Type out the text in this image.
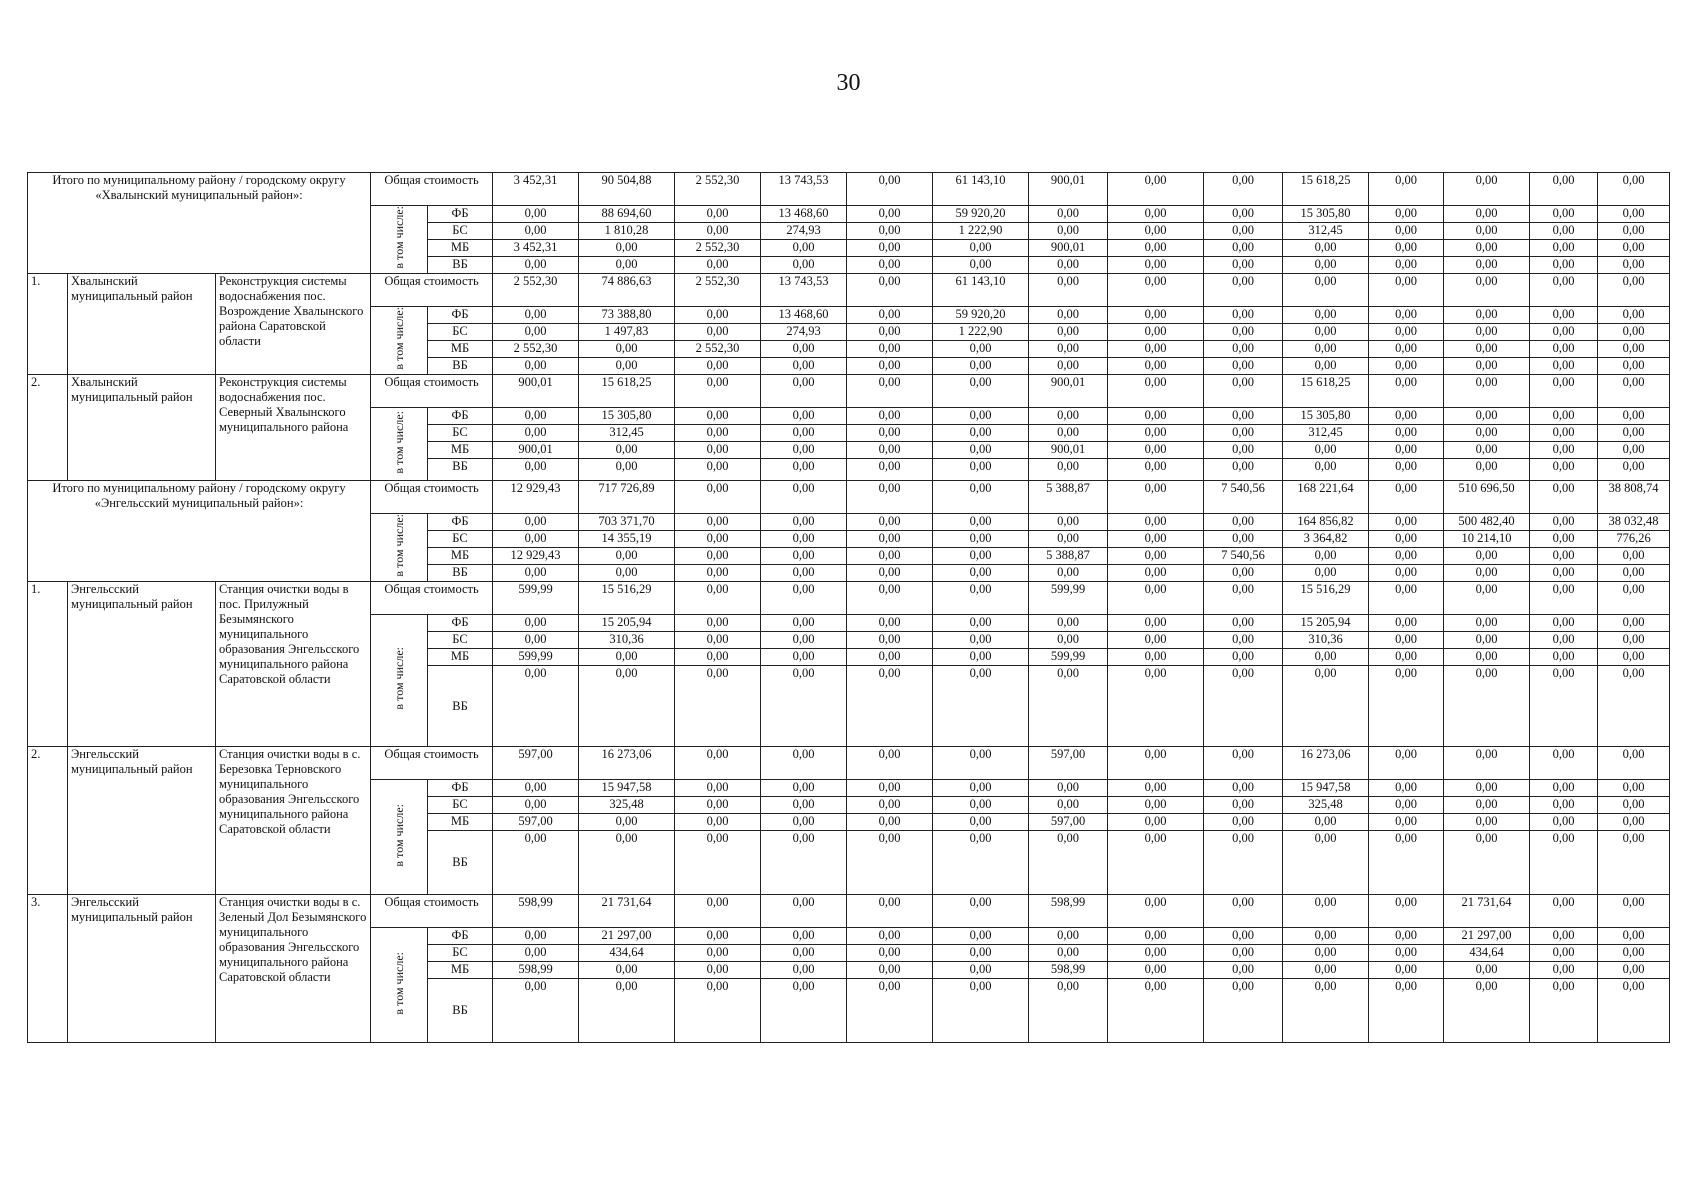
30
Итого по муниципальному району / городскому округу «Хвалынский муниципальный район»:			Общая стоимость		3 452,31	90 504,88	2 552,30	13 743,53	0,00	61 143,10	900,01	0,00	0,00	15 618,25	0,00	0,00	0,00	0,00
			в том числе:	ФБ	0,00	88 694,60	0,00	13 468,60	0,00	59 920,20	0,00	0,00	0,00	15 305,80	0,00	0,00	0,00	0,00
				БС	0,00	1 810,28	0,00	274,93	0,00	1 222,90	0,00	0,00	0,00	312,45	0,00	0,00	0,00	0,00
				МБ	3 452,31	0,00	2 552,30	0,00	0,00	0,00	900,01	0,00	0,00	0,00	0,00	0,00	0,00	0,00
				ВБ	0,00	0,00	0,00	0,00	0,00	0,00	0,00	0,00	0,00	0,00	0,00	0,00	0,00	0,00
1.	Хвалынский муниципальный район	Реконструкция системы водоснабжения пос. Возрождение Хвалынского района Саратовской области	Общая стоимость		2 552,30	74 886,63	2 552,30	13 743,53	0,00	61 143,10	0,00	0,00	0,00	0,00	0,00	0,00	0,00	0,00
			в том числе:	ФБ	0,00	73 388,80	0,00	13 468,60	0,00	59 920,20	0,00	0,00	0,00	0,00	0,00	0,00	0,00	0,00
				БС	0,00	1 497,83	0,00	274,93	0,00	1 222,90	0,00	0,00	0,00	0,00	0,00	0,00	0,00	0,00
				МБ	2 552,30	0,00	2 552,30	0,00	0,00	0,00	0,00	0,00	0,00	0,00	0,00	0,00	0,00	0,00
				ВБ	0,00	0,00	0,00	0,00	0,00	0,00	0,00	0,00	0,00	0,00	0,00	0,00	0,00	0,00
2.	Хвалынский муниципальный район	Реконструкция системы водоснабжения пос. Северный Хвалынского муниципального района	Общая стоимость		900,01	15 618,25	0,00	0,00	0,00	0,00	900,01	0,00	0,00	15 618,25	0,00	0,00	0,00	0,00
			в том числе:	ФБ	0,00	15 305,80	0,00	0,00	0,00	0,00	0,00	0,00	0,00	15 305,80	0,00	0,00	0,00	0,00
				БС	0,00	312,45	0,00	0,00	0,00	0,00	0,00	0,00	0,00	312,45	0,00	0,00	0,00	0,00
				МБ	900,01	0,00	0,00	0,00	0,00	0,00	900,01	0,00	0,00	0,00	0,00	0,00	0,00	0,00
				ВБ	0,00	0,00	0,00	0,00	0,00	0,00	0,00	0,00	0,00	0,00	0,00	0,00	0,00	0,00
Итого по муниципальному району / городскому округу «Энгельсский муниципальный район»:			Общая стоимость		12 929,43	717 726,89	0,00	0,00	0,00	0,00	5 388,87	0,00	7 540,56	168 221,64	0,00	510 696,50	0,00	38 808,74
			в том числе:	ФБ	0,00	703 371,70	0,00	0,00	0,00	0,00	0,00	0,00	0,00	164 856,82	0,00	500 482,40	0,00	38 032,48
				БС	0,00	14 355,19	0,00	0,00	0,00	0,00	0,00	0,00	0,00	3 364,82	0,00	10 214,10	0,00	776,26
				МБ	12 929,43	0,00	0,00	0,00	0,00	0,00	5 388,87	0,00	7 540,56	0,00	0,00	0,00	0,00	0,00
				ВБ	0,00	0,00	0,00	0,00	0,00	0,00	0,00	0,00	0,00	0,00	0,00	0,00	0,00	0,00
1.	Энгельсский муниципальный район	Станция очистки воды в пос. Прилужный Безымянского муниципального образования Энгельсского муниципального района Саратовской области	Общая стоимость		599,99	15 516,29	0,00	0,00	0,00	0,00	599,99	0,00	0,00	15 516,29	0,00	0,00	0,00	0,00
			в том числе:	ФБ	0,00	15 205,94	0,00	0,00	0,00	0,00	0,00	0,00	0,00	15 205,94	0,00	0,00	0,00	0,00
				БС	0,00	310,36	0,00	0,00	0,00	0,00	0,00	0,00	0,00	310,36	0,00	0,00	0,00	0,00
				МБ	599,99	0,00	0,00	0,00	0,00	0,00	599,99	0,00	0,00	0,00	0,00	0,00	0,00	0,00
				ВБ	0,00	0,00	0,00	0,00	0,00	0,00	0,00	0,00	0,00	0,00	0,00	0,00	0,00	0,00
2.	Энгельсский муниципальный район	Станция очистки воды в с. Березовка Терновского муниципального образования Энгельсского муниципального района Саратовской области	Общая стоимость		597,00	16 273,06	0,00	0,00	0,00	0,00	597,00	0,00	0,00	16 273,06	0,00	0,00	0,00	0,00
			в том числе:	ФБ	0,00	15 947,58	0,00	0,00	0,00	0,00	0,00	0,00	0,00	15 947,58	0,00	0,00	0,00	0,00
				БС	0,00	325,48	0,00	0,00	0,00	0,00	0,00	0,00	0,00	325,48	0,00	0,00	0,00	0,00
				МБ	597,00	0,00	0,00	0,00	0,00	0,00	597,00	0,00	0,00	0,00	0,00	0,00	0,00	0,00
				ВБ	0,00	0,00	0,00	0,00	0,00	0,00	0,00	0,00	0,00	0,00	0,00	0,00	0,00	0,00
3.	Энгельсский муниципальный район	Станция очистки воды в с. Зеленый Дол Безымянского муниципального образования Энгельсского муниципального района Саратовской области	Общая стоимость		598,99	21 731,64	0,00	0,00	0,00	0,00	598,99	0,00	0,00	0,00	0,00	21 731,64	0,00	0,00
			в том числе:	ФБ	0,00	21 297,00	0,00	0,00	0,00	0,00	0,00	0,00	0,00	0,00	0,00	21 297,00	0,00	0,00
				БС	0,00	434,64	0,00	0,00	0,00	0,00	0,00	0,00	0,00	0,00	0,00	434,64	0,00	0,00
				МБ	598,99	0,00	0,00	0,00	0,00	0,00	598,99	0,00	0,00	0,00	0,00	0,00	0,00	0,00
				ВБ	0,00	0,00	0,00	0,00	0,00	0,00	0,00	0,00	0,00	0,00	0,00	0,00	0,00	0,00
